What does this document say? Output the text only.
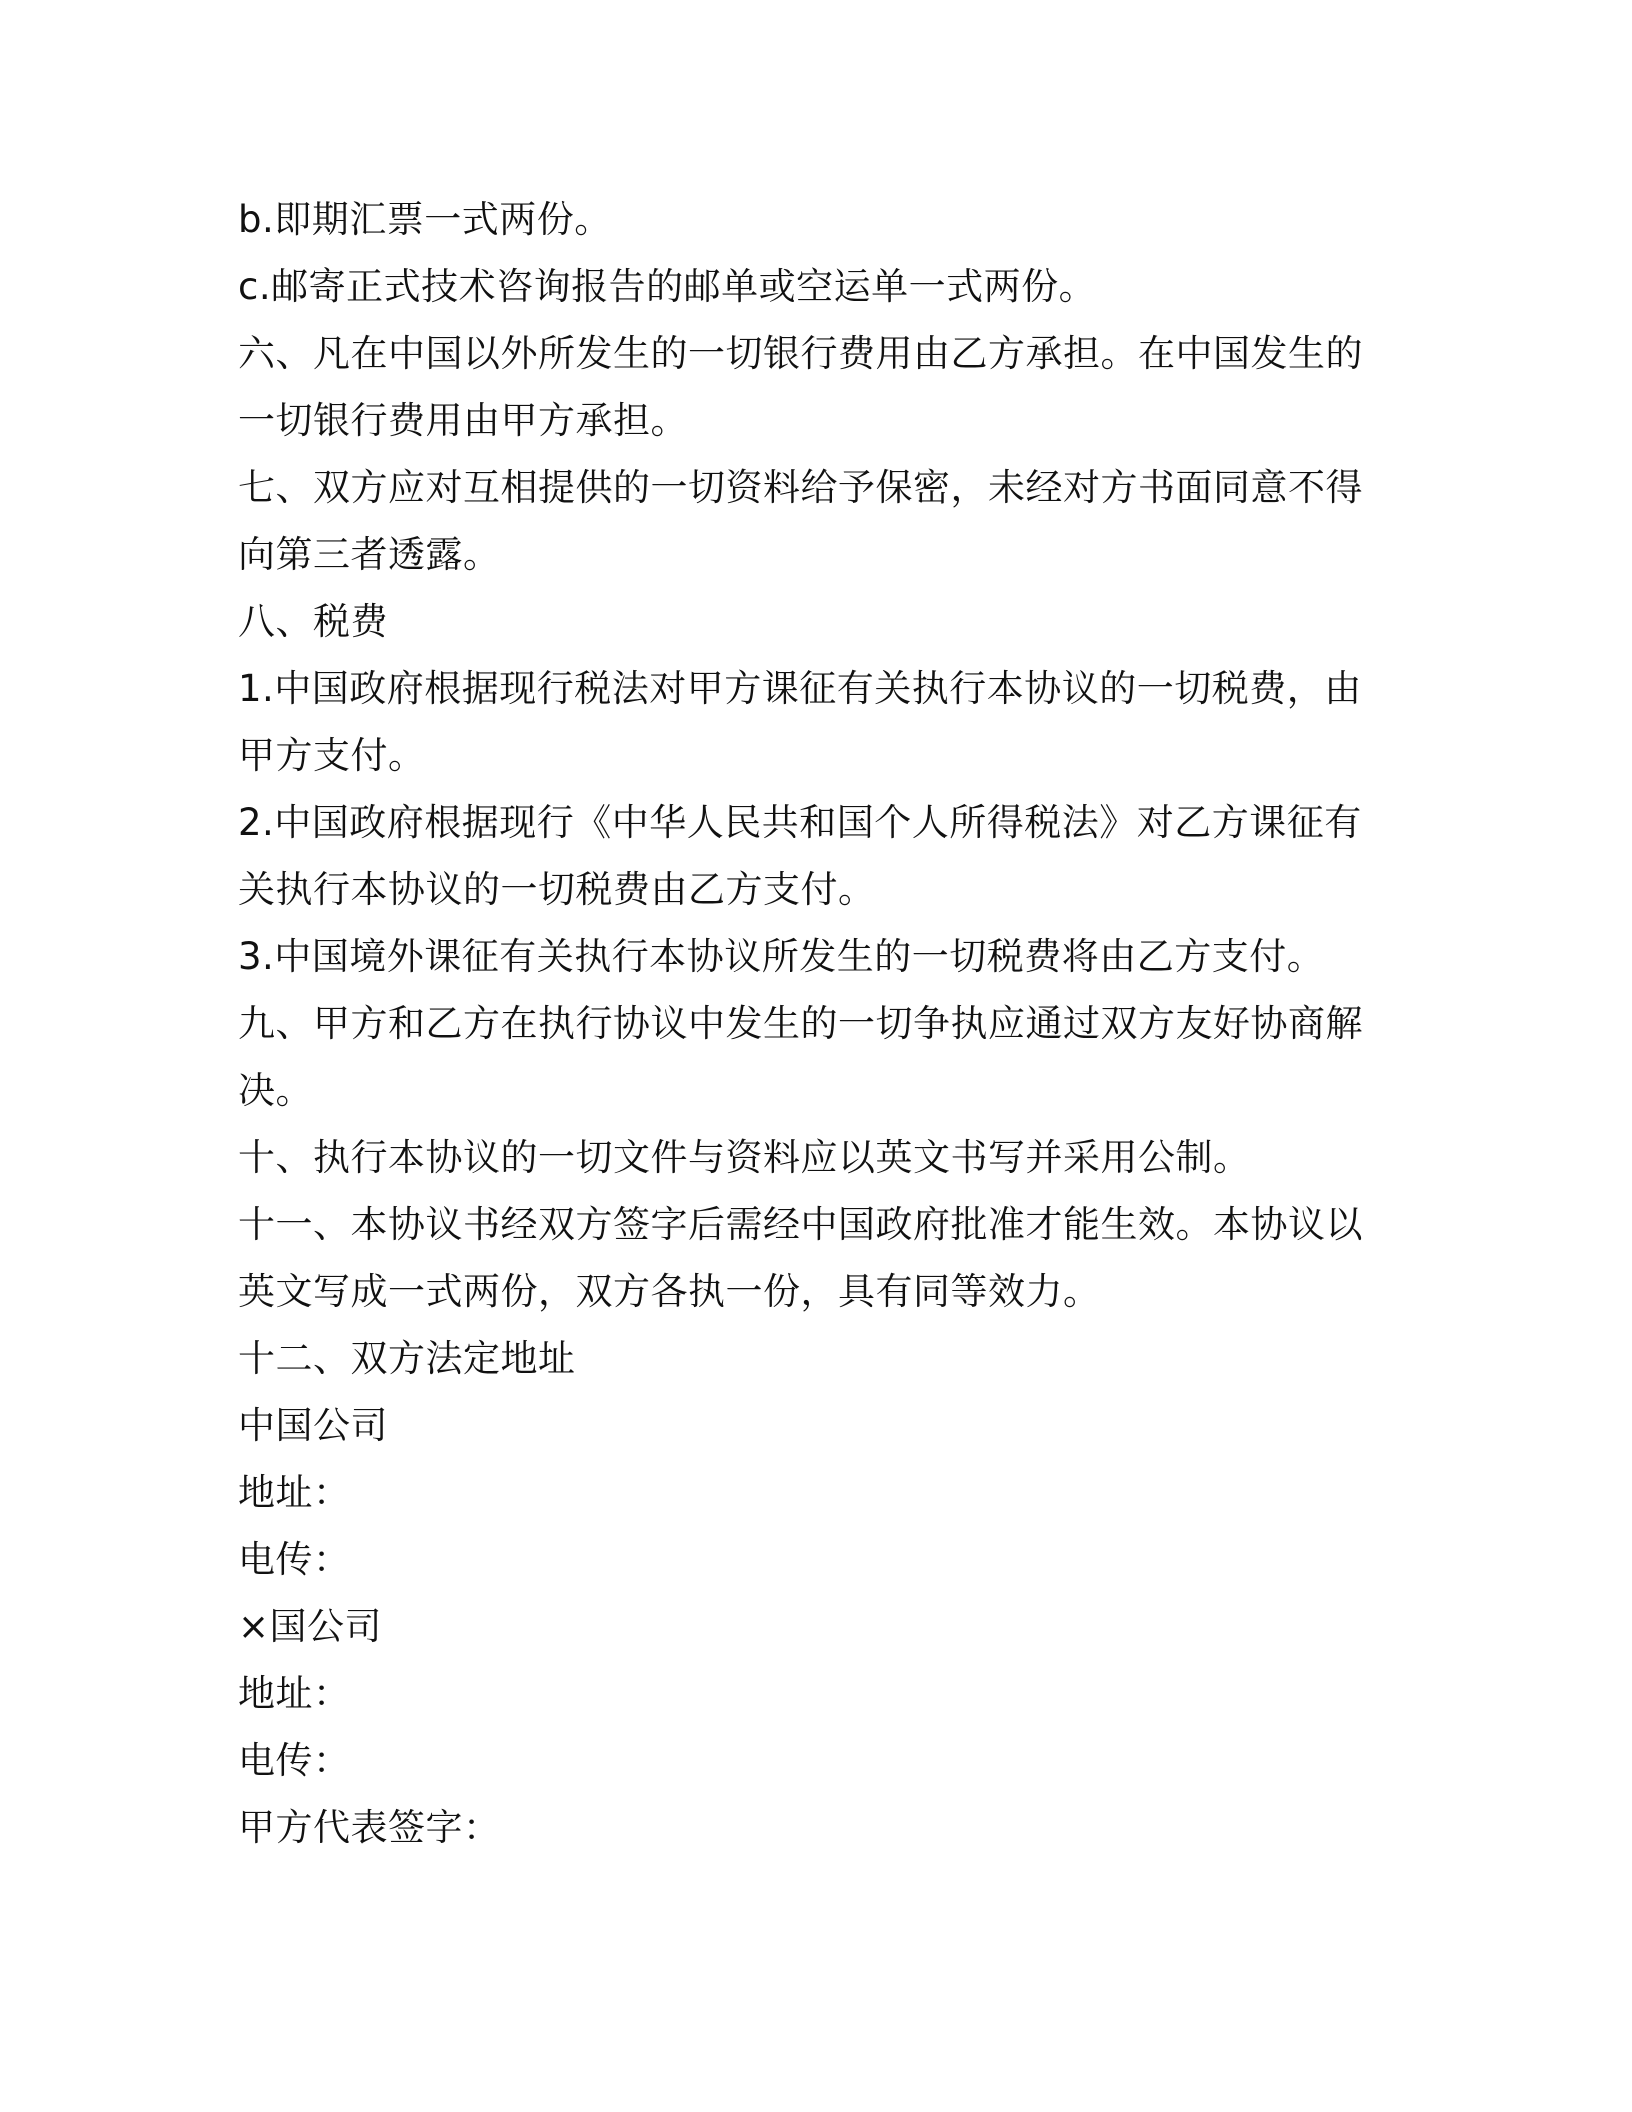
b.即期汇票一式两份。
c.邮寄正式技术咨询报告的邮单或空运单一式两份。
六、凡在中国以外所发生的一切银行费用由乙方承担。在中国发生的
一切银行费用由甲方承担。
七、双方应对互相提供的一切资料给予保密，未经对方书面同意不得
向第三者透露。
八、税费
1.中国政府根据现行税法对甲方课征有关执行本协议的一切税费，由
甲方支付。
2.中国政府根据现行《中华人民共和国个人所得税法》对乙方课征有
关执行本协议的一切税费由乙方支付。
3.中国境外课征有关执行本协议所发生的一切税费将由乙方支付。
九、甲方和乙方在执行协议中发生的一切争执应通过双方友好协商解
决。
十、执行本协议的一切文件与资料应以英文书写并采用公制。
十一、本协议书经双方签字后需经中国政府批准才能生效。本协议以
英文写成一式两份，双方各执一份，具有同等效力。
十二、双方法定地址
中国公司
地址：
电传：
×国公司
地址：
电传：
甲方代表签字：
